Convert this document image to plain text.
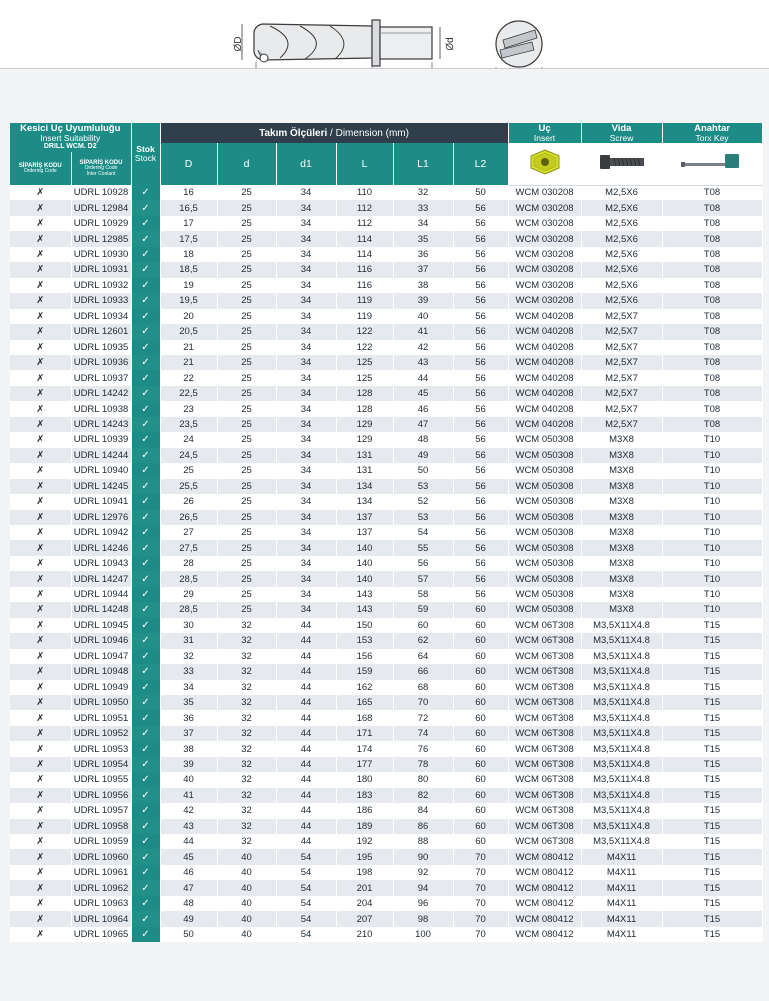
ØD	Ød
Kesici Uç Uyumluluğu
Insert Suitability		Stok
Stock	Takım Ölçüleri / Dimension (mm)						Uç
Insert	Vida
Screw	Anahtar
Torx Key

DRILL WCM. D2			D	d	d1	L	L1	L2			
SİPARİŞ KODU
Ordering Code	SİPARİŞ KODU
Ordering Code
İnter Coolant										

✗	UDRL 10928	✓	16	25	34	110	32	50	WCM 030208	M2,5X6	T08
✗	UDRL 12984	✓	16,5	25	34	112	33	56	WCM 030208	M2,5X6	T08
✗	UDRL 10929	✓	17	25	34	112	34	56	WCM 030208	M2,5X6	T08
✗	UDRL 12985	✓	17,5	25	34	114	35	56	WCM 030208	M2,5X6	T08
✗	UDRL 10930	✓	18	25	34	114	36	56	WCM 030208	M2,5X6	T08
✗	UDRL 10931	✓	18,5	25	34	116	37	56	WCM 030208	M2,5X6	T08
✗	UDRL 10932	✓	19	25	34	116	38	56	WCM 030208	M2,5X6	T08
✗	UDRL 10933	✓	19,5	25	34	119	39	56	WCM 030208	M2,5X6	T08
✗	UDRL 10934	✓	20	25	34	119	40	56	WCM 040208	M2,5X7	T08
✗	UDRL 12601	✓	20,5	25	34	122	41	56	WCM 040208	M2,5X7	T08
✗	UDRL 10935	✓	21	25	34	122	42	56	WCM 040208	M2,5X7	T08
✗	UDRL 10936	✓	21	25	34	125	43	56	WCM 040208	M2,5X7	T08
✗	UDRL 10937	✓	22	25	34	125	44	56	WCM 040208	M2,5X7	T08
✗	UDRL 14242	✓	22,5	25	34	128	45	56	WCM 040208	M2,5X7	T08
✗	UDRL 10938	✓	23	25	34	128	46	56	WCM 040208	M2,5X7	T08
✗	UDRL 14243	✓	23,5	25	34	129	47	56	WCM 040208	M2,5X7	T08
✗	UDRL 10939	✓	24	25	34	129	48	56	WCM 050308	M3X8	T10
✗	UDRL 14244	✓	24,5	25	34	131	49	56	WCM 050308	M3X8	T10
✗	UDRL 10940	✓	25	25	34	131	50	56	WCM 050308	M3X8	T10
✗	UDRL 14245	✓	25,5	25	34	134	53	56	WCM 050308	M3X8	T10
✗	UDRL 10941	✓	26	25	34	134	52	56	WCM 050308	M3X8	T10
✗	UDRL 12976	✓	26,5	25	34	137	53	56	WCM 050308	M3X8	T10
✗	UDRL 10942	✓	27	25	34	137	54	56	WCM 050308	M3X8	T10
✗	UDRL 14246	✓	27,5	25	34	140	55	56	WCM 050308	M3X8	T10
✗	UDRL 10943	✓	28	25	34	140	56	56	WCM 050308	M3X8	T10
✗	UDRL 14247	✓	28,5	25	34	140	57	56	WCM 050308	M3X8	T10
✗	UDRL 10944	✓	29	25	34	143	58	56	WCM 050308	M3X8	T10
✗	UDRL 14248	✓	28,5	25	34	143	59	60	WCM 050308	M3X8	T10
✗	UDRL 10945	✓	30	32	44	150	60	60	WCM 06T308	M3,5X11X4.8	T15
✗	UDRL 10946	✓	31	32	44	153	62	60	WCM 06T308	M3,5X11X4.8	T15
✗	UDRL 10947	✓	32	32	44	156	64	60	WCM 06T308	M3,5X11X4.8	T15
✗	UDRL 10948	✓	33	32	44	159	66	60	WCM 06T308	M3,5X11X4.8	T15
✗	UDRL 10949	✓	34	32	44	162	68	60	WCM 06T308	M3,5X11X4.8	T15
✗	UDRL 10950	✓	35	32	44	165	70	60	WCM 06T308	M3,5X11X4.8	T15
✗	UDRL 10951	✓	36	32	44	168	72	60	WCM 06T308	M3,5X11X4.8	T15
✗	UDRL 10952	✓	37	32	44	171	74	60	WCM 06T308	M3,5X11X4.8	T15
✗	UDRL 10953	✓	38	32	44	174	76	60	WCM 06T308	M3,5X11X4.8	T15
✗	UDRL 10954	✓	39	32	44	177	78	60	WCM 06T308	M3,5X11X4.8	T15
✗	UDRL 10955	✓	40	32	44	180	80	60	WCM 06T308	M3,5X11X4.8	T15
✗	UDRL 10956	✓	41	32	44	183	82	60	WCM 06T308	M3,5X11X4.8	T15
✗	UDRL 10957	✓	42	32	44	186	84	60	WCM 06T308	M3,5X11X4.8	T15
✗	UDRL 10958	✓	43	32	44	189	86	60	WCM 06T308	M3,5X11X4.8	T15
✗	UDRL 10959	✓	44	32	44	192	88	60	WCM 06T308	M3,5X11X4.8	T15
✗	UDRL 10960	✓	45	40	54	195	90	70	WCM 080412	M4X11	T15
✗	UDRL 10961	✓	46	40	54	198	92	70	WCM 080412	M4X11	T15
✗	UDRL 10962	✓	47	40	54	201	94	70	WCM 080412	M4X11	T15
✗	UDRL 10963	✓	48	40	54	204	96	70	WCM 080412	M4X11	T15
✗	UDRL 10964	✓	49	40	54	207	98	70	WCM 080412	M4X11	T15
✗	UDRL 10965	✓	50	40	54	210	100	70	WCM 080412	M4X11	T15
